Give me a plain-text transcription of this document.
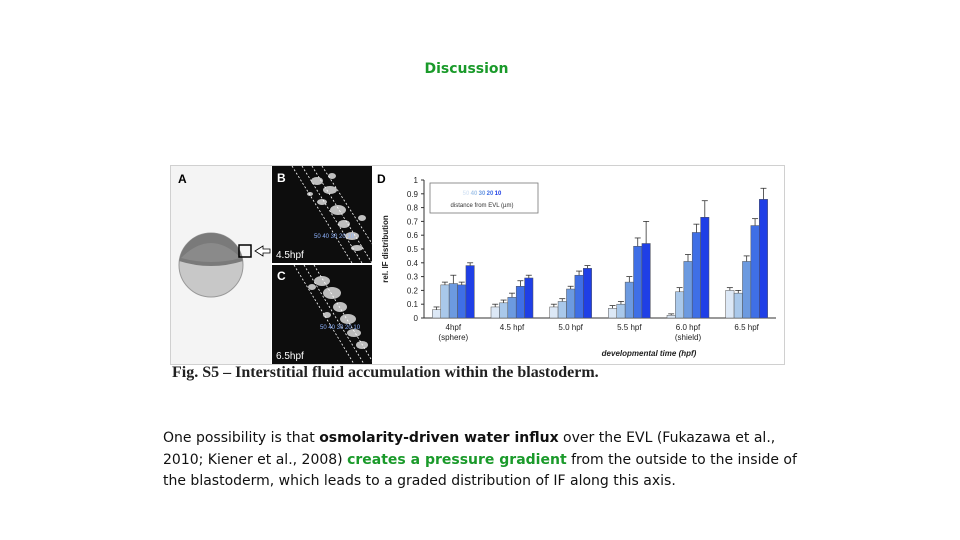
Discussion
A	B
50 40 30 20 10
4.5hpf
C
50 40 30 20 10
6.5hpf
D
0
0.1
0.2
0.3
0.4
0.5
0.6
0.7
0.8
0.9
1
rel. IF distribution
4hpf
(sphere)
4.5 hpf	5.0 hpf	5.5 hpf	6.0 hpf
(shield)
6.5 hpf
developmental time (hpf)
50 40 30 20 10
distance from EVL (µm)
Fig. S5 – Interstitial fluid accumulation within the blastoderm.
One possibility is that osmolarity-driven water influx over the EVL (Fukazawa et al., 2010; Kiener et al., 2008) creates a pressure gradient from the outside to the inside of the blastoderm, which leads to a graded distribution of IF along this axis.
